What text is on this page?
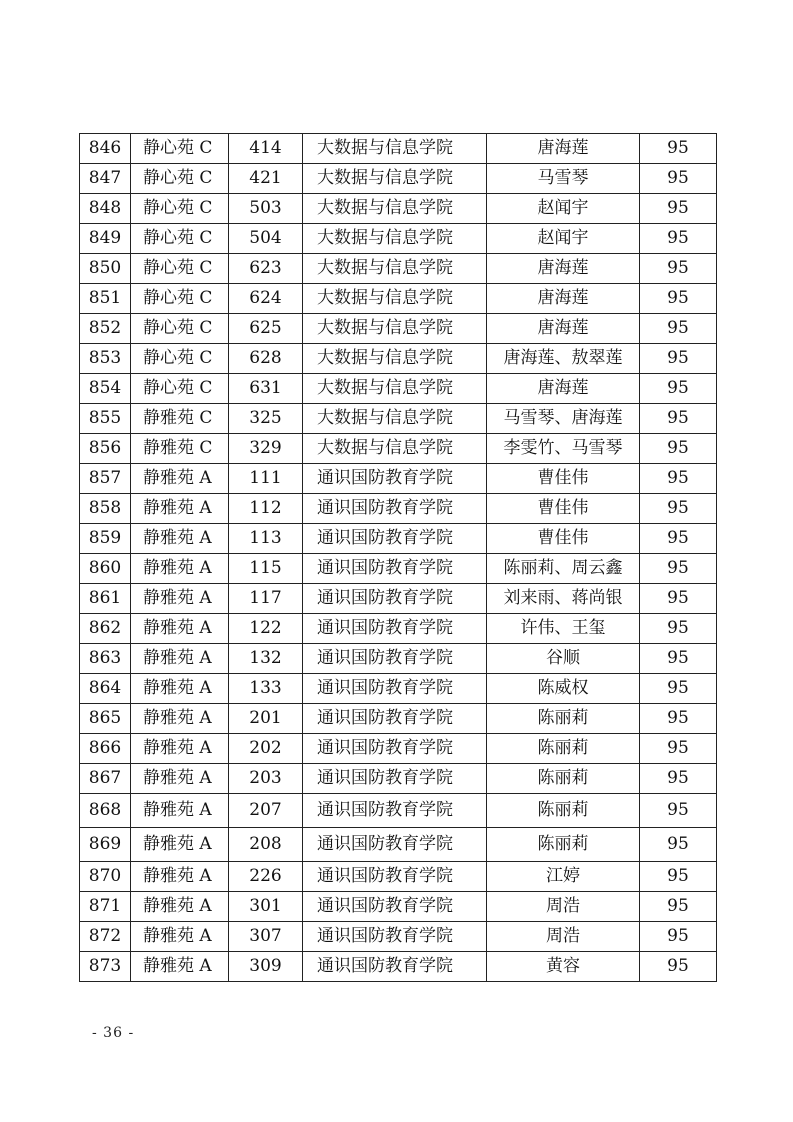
846	静心苑 C	414	大数据与信息学院	唐海莲	95
847	静心苑 C	421	大数据与信息学院	马雪琴	95
848	静心苑 C	503	大数据与信息学院	赵闻宇	95
849	静心苑 C	504	大数据与信息学院	赵闻宇	95
850	静心苑 C	623	大数据与信息学院	唐海莲	95
851	静心苑 C	624	大数据与信息学院	唐海莲	95
852	静心苑 C	625	大数据与信息学院	唐海莲	95
853	静心苑 C	628	大数据与信息学院	唐海莲、敖翠莲	95
854	静心苑 C	631	大数据与信息学院	唐海莲	95
855	静雅苑 C	325	大数据与信息学院	马雪琴、唐海莲	95
856	静雅苑 C	329	大数据与信息学院	李雯竹、马雪琴	95
857	静雅苑 A	111	通识国防教育学院	曹佳伟	95
858	静雅苑 A	112	通识国防教育学院	曹佳伟	95
859	静雅苑 A	113	通识国防教育学院	曹佳伟	95
860	静雅苑 A	115	通识国防教育学院	陈丽莉、周云鑫	95
861	静雅苑 A	117	通识国防教育学院	刘来雨、蒋尚银	95
862	静雅苑 A	122	通识国防教育学院	许伟、王玺	95
863	静雅苑 A	132	通识国防教育学院	谷顺	95
864	静雅苑 A	133	通识国防教育学院	陈威权	95
865	静雅苑 A	201	通识国防教育学院	陈丽莉	95
866	静雅苑 A	202	通识国防教育学院	陈丽莉	95
867	静雅苑 A	203	通识国防教育学院	陈丽莉	95
868	静雅苑 A	207	通识国防教育学院	陈丽莉	95
869	静雅苑 A	208	通识国防教育学院	陈丽莉	95
870	静雅苑 A	226	通识国防教育学院	江婷	95
871	静雅苑 A	301	通识国防教育学院	周浩	95
872	静雅苑 A	307	通识国防教育学院	周浩	95
873	静雅苑 A	309	通识国防教育学院	黄容	95
- 36 -
